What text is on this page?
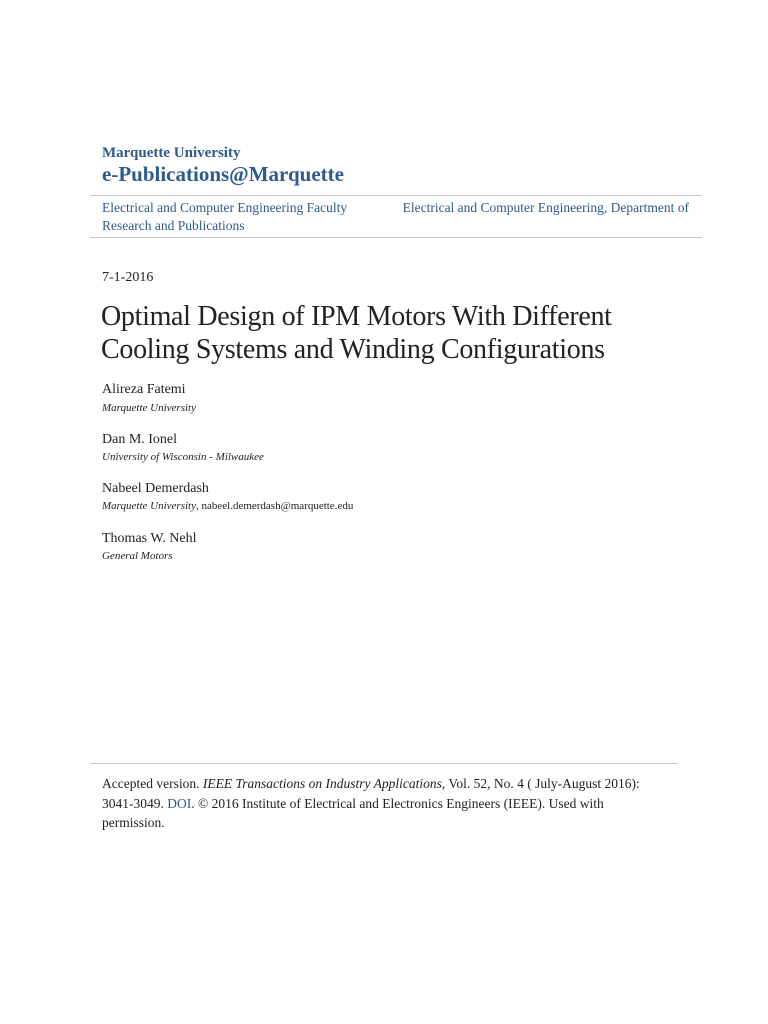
Marquette University
e-Publications@Marquette
Electrical and Computer Engineering Faculty Research and Publications
Electrical and Computer Engineering, Department of
7-1-2016
Optimal Design of IPM Motors With Different Cooling Systems and Winding Configurations
Alireza Fatemi
Marquette University
Dan M. Ionel
University of Wisconsin - Milwaukee
Nabeel Demerdash
Marquette University, nabeel.demerdash@marquette.edu
Thomas W. Nehl
General Motors
Accepted version. IEEE Transactions on Industry Applications, Vol. 52, No. 4 ( July-August 2016): 3041-3049. DOI. © 2016 Institute of Electrical and Electronics Engineers (IEEE). Used with permission.
